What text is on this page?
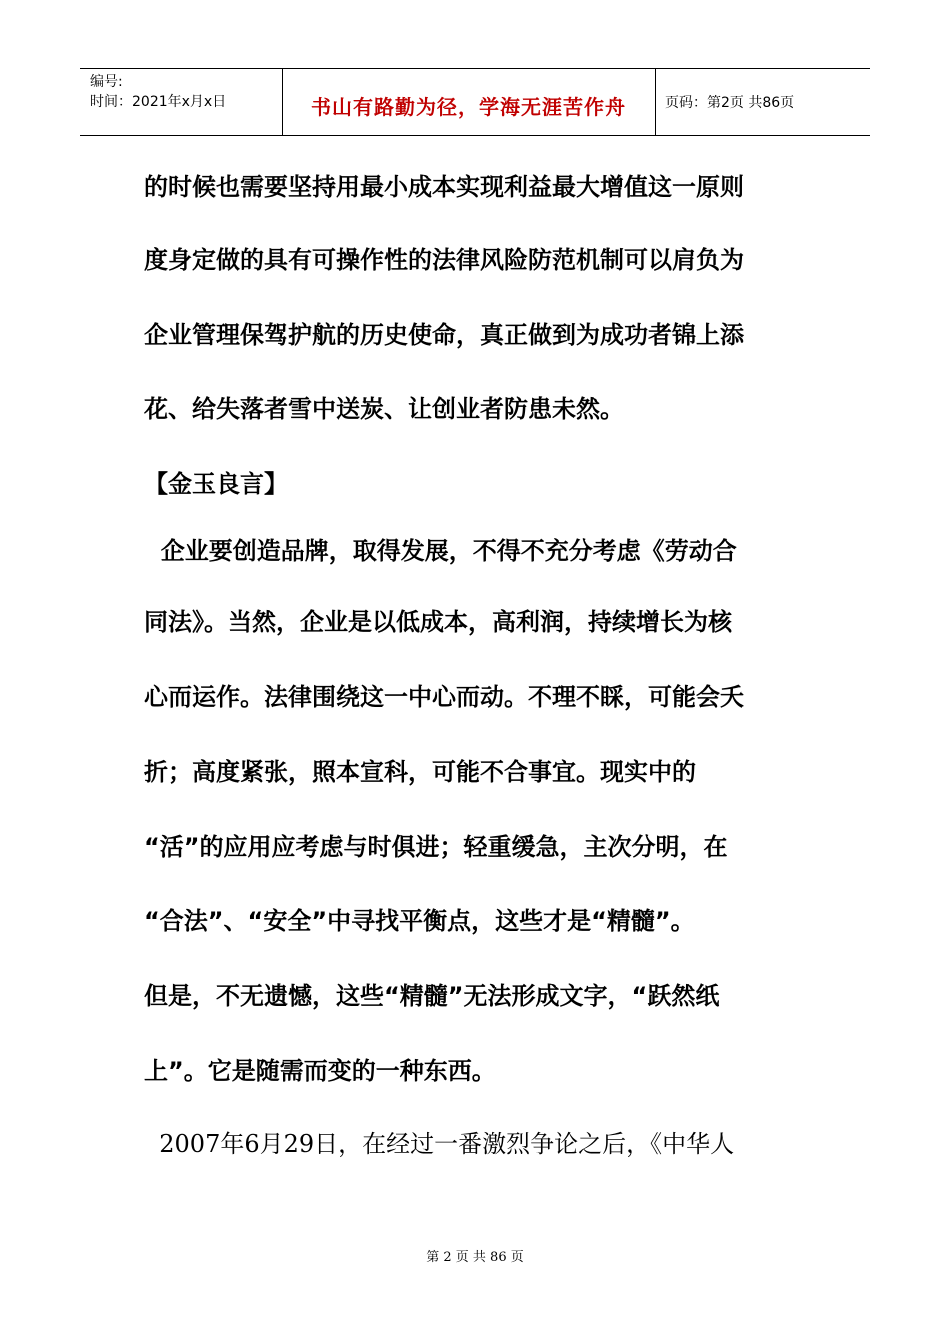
编号:
时间：2021年x月x日	书山有路勤为径，学海无涯苦作舟	页码：第2页 共86页
的时候也需要坚持用最小成本实现利益最大增值这一原则
度身定做的具有可操作性的法律风险防范机制可以肩负为
企业管理保驾护航的历史使命，真正做到为成功者锦上添
花、给失落者雪中送炭、让创业者防患未然。
【金玉良言】
企业要创造品牌，取得发展，不得不充分考虑《劳动合
同法》。当然，企业是以低成本，高利润，持续增长为核
心而运作。法律围绕这一中心而动。不理不睬，可能会夭
折；高度紧张，照本宣科，可能不合事宜。现实中的
“活”的应用应考虑与时俱进；轻重缓急，主次分明，在
“合法”、“安全”中寻找平衡点，这些才是“精髓”。
但是，不无遗憾，这些“精髓”无法形成文字，“跃然纸
上”。它是随需而变的一种东西。
2007年6月29日，在经过一番激烈争论之后，《中华人
第 2 页 共 86 页
